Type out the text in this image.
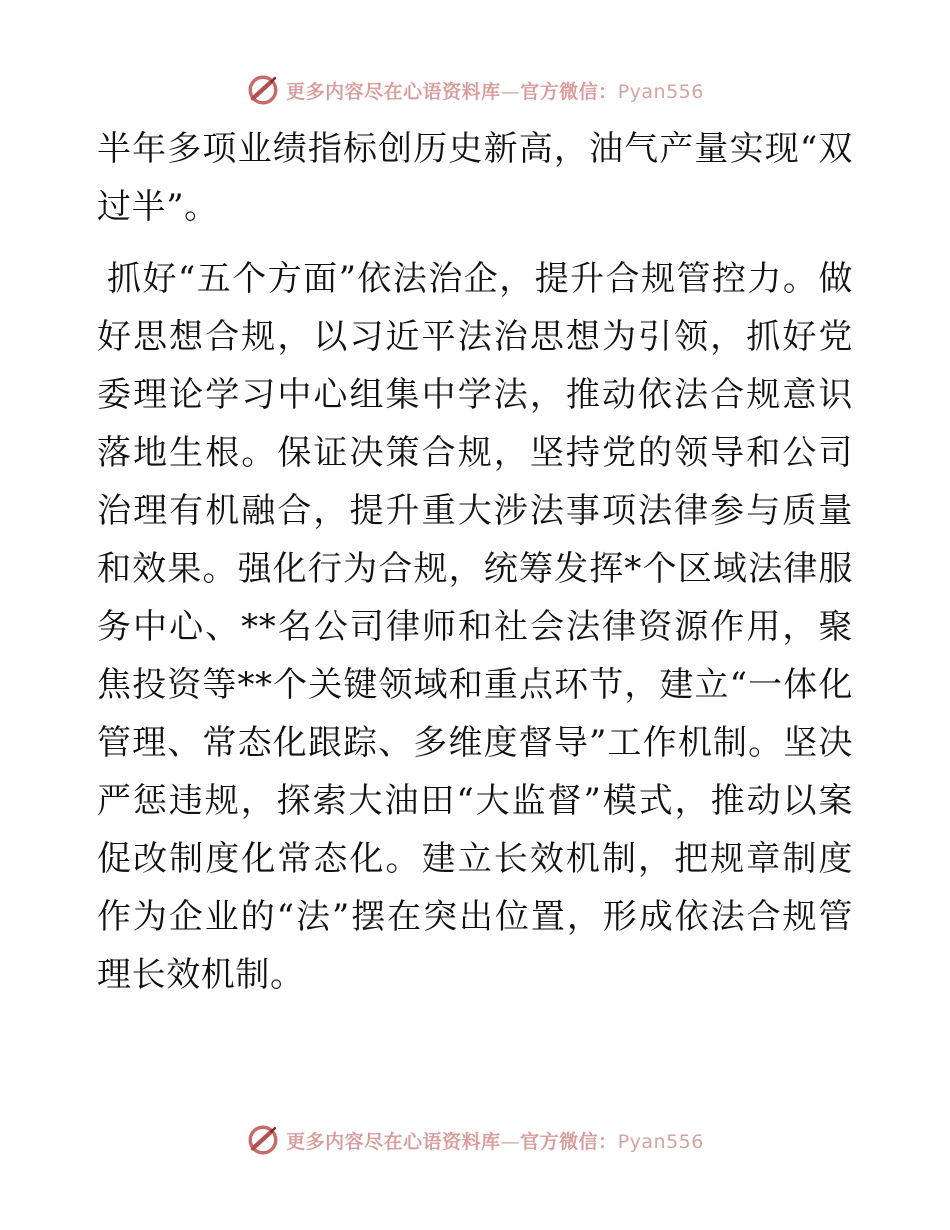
更多内容尽在心语资料库—官方微信：Pyan556

半年多项业绩指标创历史新高，油气产量实现“双过半”。

抓好“五个方面”依法治企，提升合规管控力。做好思想合规，以习近平法治思想为引领，抓好党委理论学习中心组集中学法，推动依法合规意识落地生根。保证决策合规，坚持党的领导和公司治理有机融合，提升重大涉法事项法律参与质量和效果。强化行为合规，统筹发挥*个区域法律服务中心、**名公司律师和社会法律资源作用，聚焦投资等**个关键领域和重点环节，建立“一体化管理、常态化跟踪、多维度督导”工作机制。坚决严惩违规，探索大油田“大监督”模式，推动以案促改制度化常态化。建立长效机制，把规章制度作为企业的“法”摆在突出位置，形成依法合规管理长效机制。

更多内容尽在心语资料库—官方微信：Pyan556
